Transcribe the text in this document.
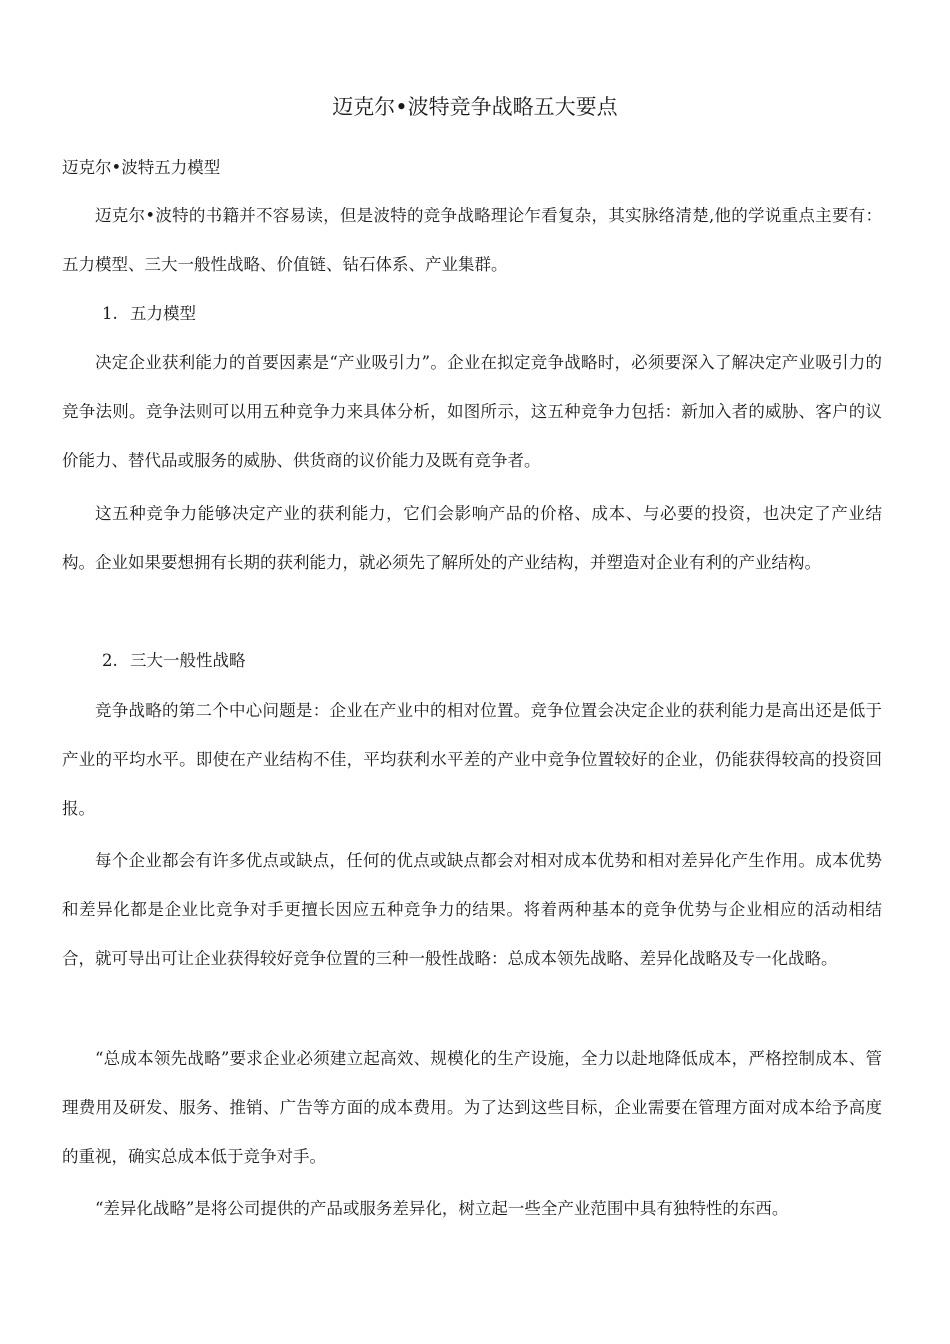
迈克尔•波特竞争战略五大要点
迈克尔•波特五力模型

迈克尔•波特的书籍并不容易读，但是波特的竞争战略理论乍看复杂，其实脉络清楚,他的学说重点主要有：五力模型、三大一般性战略、价值链、钻石体系、产业集群。

1. 五力模型

决定企业获利能力的首要因素是“产业吸引力”。企业在拟定竞争战略时，必须要深入了解决定产业吸引力的竞争法则。竞争法则可以用五种竞争力来具体分析，如图所示，这五种竞争力包括：新加入者的威胁、客户的议价能力、替代品或服务的威胁、供货商的议价能力及既有竞争者。

这五种竞争力能够决定产业的获利能力，它们会影响产品的价格、成本、与必要的投资，也决定了产业结构。企业如果要想拥有长期的获利能力，就必须先了解所处的产业结构，并塑造对企业有利的产业结构。

2. 三大一般性战略

竞争战略的第二个中心问题是：企业在产业中的相对位置。竞争位置会决定企业的获利能力是高出还是低于产业的平均水平。即使在产业结构不佳，平均获利水平差的产业中竞争位置较好的企业，仍能获得较高的投资回报。

每个企业都会有许多优点或缺点，任何的优点或缺点都会对相对成本优势和相对差异化产生作用。成本优势和差异化都是企业比竞争对手更擅长因应五种竞争力的结果。将着两种基本的竞争优势与企业相应的活动相结合，就可导出可让企业获得较好竞争位置的三种一般性战略：总成本领先战略、差异化战略及专一化战略。

“总成本领先战略”要求企业必须建立起高效、规模化的生产设施，全力以赴地降低成本，严格控制成本、管理费用及研发、服务、推销、广告等方面的成本费用。为了达到这些目标，企业需要在管理方面对成本给予高度的重视，确实总成本低于竞争对手。

“差异化战略”是将公司提供的产品或服务差异化，树立起一些全产业范围中具有独特性的东西。
